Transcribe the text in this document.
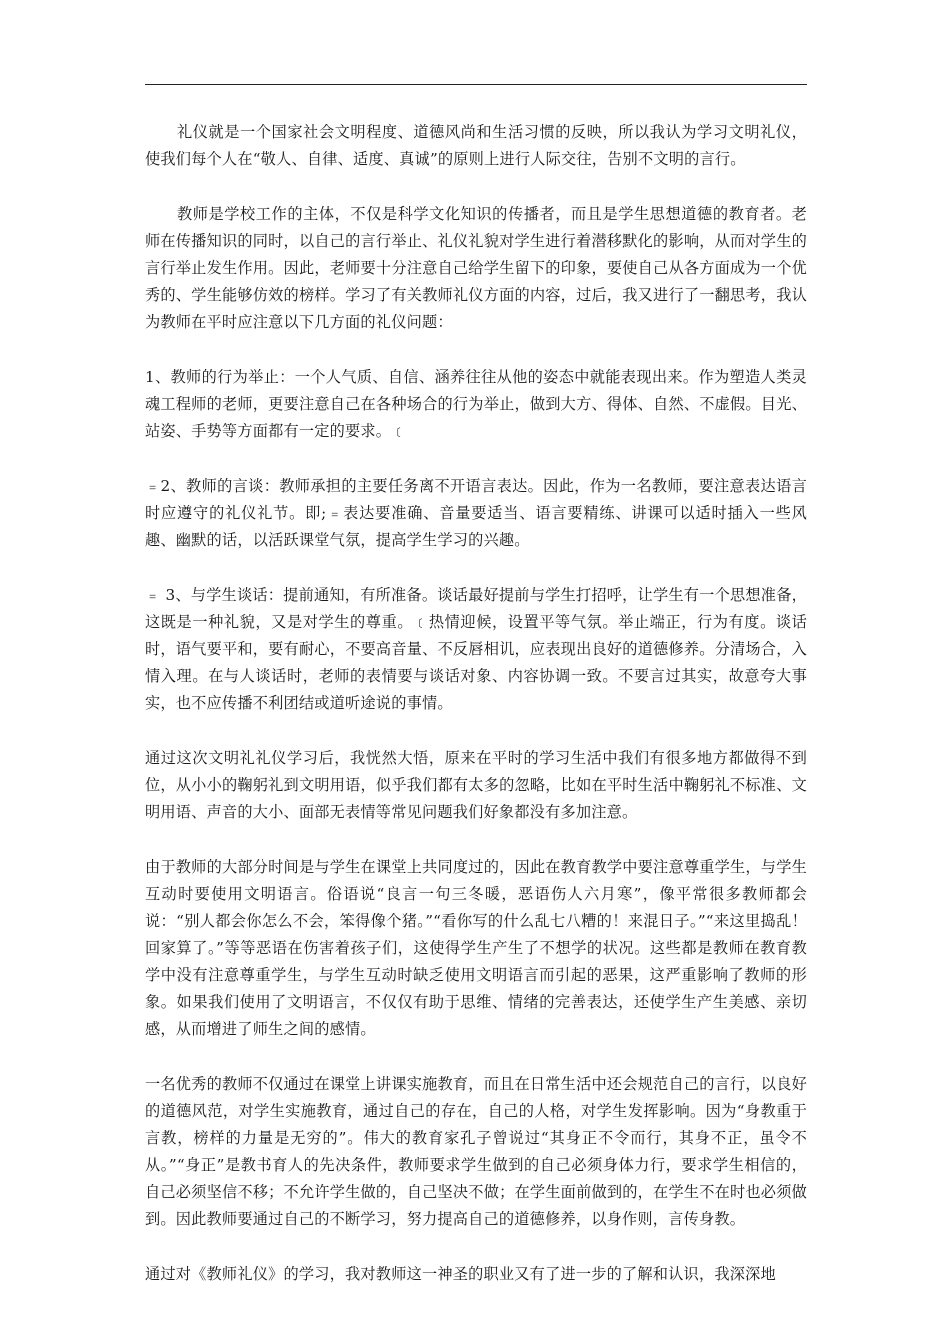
礼仪就是一个国家社会文明程度、道德风尚和生活习惯的反映，所以我认为学习文明礼仪，使我们每个人在“敬人、自律、适度、真诚”的原则上进行人际交往，告别不文明的言行。

教师是学校工作的主体，不仅是科学文化知识的传播者，而且是学生思想道德的教育者。老师在传播知识的同时，以自己的言行举止、礼仪礼貌对学生进行着潜移默化的影响，从而对学生的言行举止发生作用。因此，老师要十分注意自己给学生留下的印象，要使自己从各方面成为一个优秀的、学生能够仿效的榜样。学习了有关教师礼仪方面的内容，过后，我又进行了一翻思考，我认为教师在平时应注意以下几方面的礼仪问题：

1、教师的行为举止：一个人气质、自信、涵养往往从他的姿态中就能表现出来。作为塑造人类灵魂工程师的老师，更要注意自己在各种场合的行为举止，做到大方、得体、自然、不虚假。目光、站姿、手势等方面都有一定的要求。﹝

﹦2、教师的言谈：教师承担的主要任务离不开语言表达。因此，作为一名教师，要注意表达语言时应遵守的礼仪礼节。即;﹦表达要准确、音量要适当、语言要精练、讲课可以适时插入一些风趣、幽默的话，以活跃课堂气氛，提高学生学习的兴趣。

﹦ 3、与学生谈话：提前通知，有所准备。谈话最好提前与学生打招呼，让学生有一个思想准备，这既是一种礼貌，又是对学生的尊重。﹝热情迎候，设置平等气氛。举止端正，行为有度。谈话时，语气要平和，要有耐心，不要高音量、不反唇相讥，应表现出良好的道德修养。分清场合，入情入理。在与人谈话时，老师的表情要与谈话对象、内容协调一致。不要言过其实，故意夸大事实，也不应传播不利团结或道听途说的事情。

通过这次文明礼礼仪学习后，我恍然大悟，原来在平时的学习生活中我们有很多地方都做得不到位，从小小的鞠躬礼到文明用语，似乎我们都有太多的忽略，比如在平时生活中鞠躬礼不标准、文明用语、声音的大小、面部无表情等常见问题我们好象都没有多加注意。

由于教师的大部分时间是与学生在课堂上共同度过的，因此在教育教学中要注意尊重学生，与学生互动时要使用文明语言。俗语说“良言一句三冬暖，恶语伤人六月寒”，像平常很多教师都会说：“别人都会你怎么不会，笨得像个猪。”“看你写的什么乱七八糟的！来混日子。”“来这里捣乱！回家算了。”等等恶语在伤害着孩子们，这使得学生产生了不想学的状况。这些都是教师在教育教学中没有注意尊重学生，与学生互动时缺乏使用文明语言而引起的恶果，这严重影响了教师的形象。如果我们使用了文明语言，不仅仅有助于思维、情绪的完善表达，还使学生产生美感、亲切感，从而增进了师生之间的感情。

一名优秀的教师不仅通过在课堂上讲课实施教育，而且在日常生活中还会规范自己的言行，以良好的道德风范，对学生实施教育，通过自己的存在，自己的人格，对学生发挥影响。因为“身教重于言教，榜样的力量是无穷的”。伟大的教育家孔子曾说过“其身正不令而行，其身不正，虽令不从。”“身正”是教书育人的先决条件，教师要求学生做到的自己必须身体力行，要求学生相信的，自己必须坚信不移；不允许学生做的，自己坚决不做；在学生面前做到的，在学生不在时也必须做到。因此教师要通过自己的不断学习，努力提高自己的道德修养，以身作则，言传身教。

通过对《教师礼仪》的学习，我对教师这一神圣的职业又有了进一步的了解和认识，我深深地
